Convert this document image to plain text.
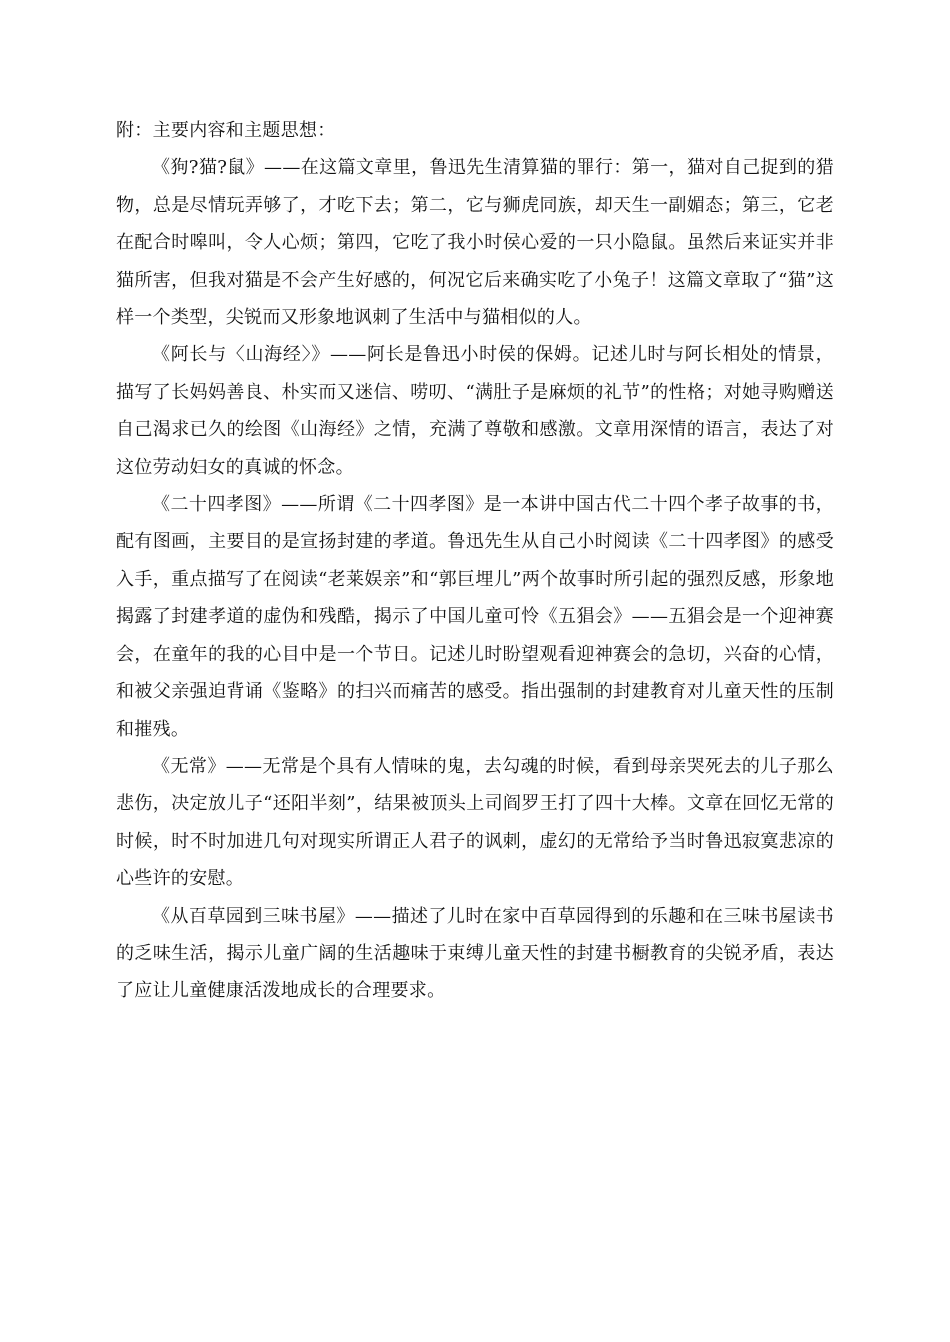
附：主要内容和主题思想：

《狗?猫?鼠》——在这篇文章里，鲁迅先生清算猫的罪行：第一，猫对自己捉到的猎物，总是尽情玩弄够了，才吃下去；第二，它与狮虎同族，却天生一副媚态；第三，它老在配合时嗥叫，令人心烦；第四，它吃了我小时侯心爱的一只小隐鼠。虽然后来证实并非猫所害，但我对猫是不会产生好感的，何况它后来确实吃了小兔子！这篇文章取了“猫”这样一个类型，尖锐而又形象地讽刺了生活中与猫相似的人。

《阿长与〈山海经〉》——阿长是鲁迅小时侯的保姆。记述儿时与阿长相处的情景，描写了长妈妈善良、朴实而又迷信、唠叨、“满肚子是麻烦的礼节”的性格；对她寻购赠送自己渴求已久的绘图《山海经》之情，充满了尊敬和感激。文章用深情的语言，表达了对这位劳动妇女的真诚的怀念。

《二十四孝图》——所谓《二十四孝图》是一本讲中国古代二十四个孝子故事的书，配有图画，主要目的是宣扬封建的孝道。鲁迅先生从自己小时阅读《二十四孝图》的感受入手，重点描写了在阅读“老莱娱亲”和“郭巨埋儿”两个故事时所引起的强烈反感，形象地揭露了封建孝道的虚伪和残酷，揭示了中国儿童可怜《五猖会》——五猖会是一个迎神赛会，在童年的我的心目中是一个节日。记述儿时盼望观看迎神赛会的急切，兴奋的心情，和被父亲强迫背诵《鉴略》的扫兴而痛苦的感受。指出强制的封建教育对儿童天性的压制和摧残。

《无常》——无常是个具有人情味的鬼，去勾魂的时候，看到母亲哭死去的儿子那么悲伤，决定放儿子“还阳半刻”，结果被顶头上司阎罗王打了四十大棒。文章在回忆无常的时候，时不时加进几句对现实所谓正人君子的讽刺，虚幻的无常给予当时鲁迅寂寞悲凉的心些许的安慰。

《从百草园到三味书屋》——描述了儿时在家中百草园得到的乐趣和在三味书屋读书的乏味生活，揭示儿童广阔的生活趣味于束缚儿童天性的封建书橱教育的尖锐矛盾，表达了应让儿童健康活泼地成长的合理要求。
